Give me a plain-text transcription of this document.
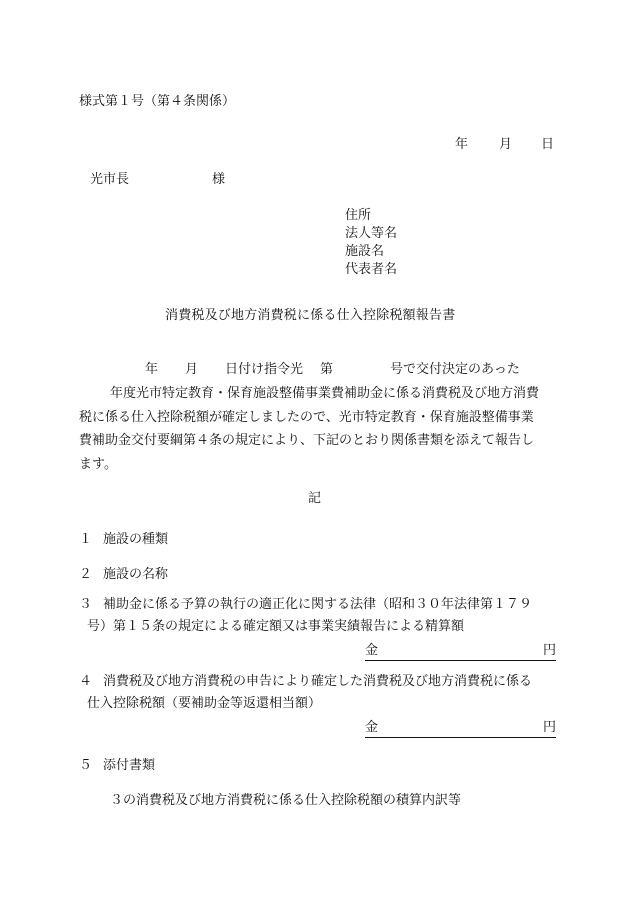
様式第１号（第４条関係）
年 月 日
光市長	様
住所
法人等名
施設名
代表者名
消費税及び地方消費税に係る仕入控除税額報告書
年 月 日付け指令光 第	号で交付決定のあった
年度光市特定教育・保育施設整備事業費補助金に係る消費税及び地方消費
税に係る仕入控除税額が確定しましたので、光市特定教育・保育施設整備事業
費補助金交付要綱第４条の規定により、下記のとおり関係書類を添えて報告し
ます。
記
１ 施設の種類
２ 施設の名称
３ 補助金に係る予算の執行の適正化に関する法律（昭和３０年法律第１７９
号）第１５条の規定による確定額又は事業実績報告による精算額
金	円
４ 消費税及び地方消費税の申告により確定した消費税及び地方消費税に係る
仕入控除税額（要補助金等返還相当額）
金	円
５ 添付書類
３の消費税及び地方消費税に係る仕入控除税額の積算内訳等
